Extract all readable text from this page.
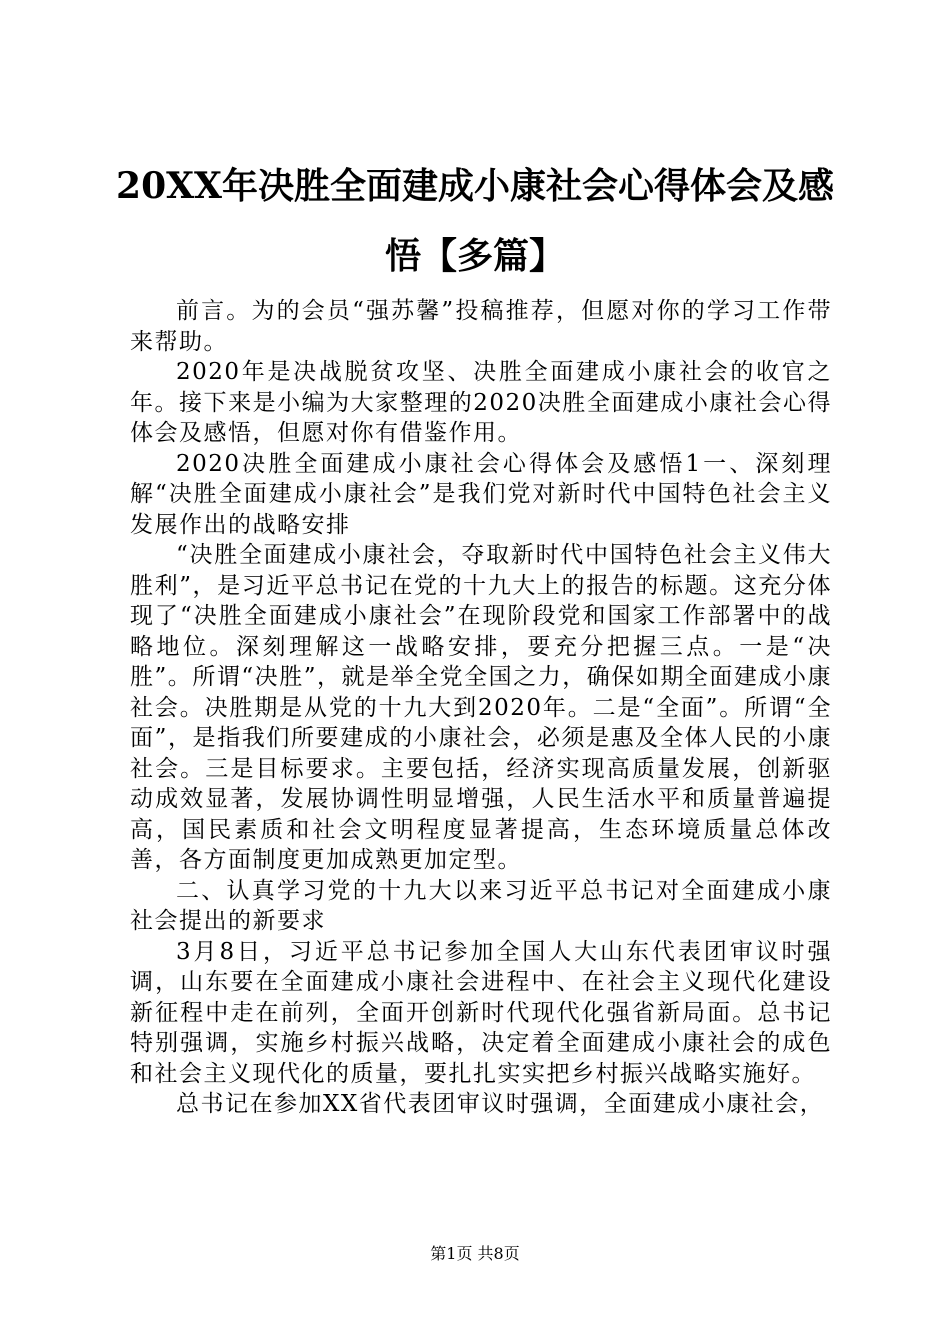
20XX年决胜全面建成小康社会心得体会及感
悟【多篇】

前言。为的会员“强苏馨”投稿推荐，但愿对你的学习工作带来帮助。

2020年是决战脱贫攻坚、决胜全面建成小康社会的收官之年。接下来是小编为大家整理的2020决胜全面建成小康社会心得体会及感悟，但愿对你有借鉴作用。

2020决胜全面建成小康社会心得体会及感悟1一、深刻理解“决胜全面建成小康社会”是我们党对新时代中国特色社会主义发展作出的战略安排

“决胜全面建成小康社会，夺取新时代中国特色社会主义伟大胜利”，是习近平总书记在党的十九大上的报告的标题。这充分体现了“决胜全面建成小康社会”在现阶段党和国家工作部署中的战略地位。深刻理解这一战略安排，要充分把握三点。一是“决胜”。所谓“决胜”，就是举全党全国之力，确保如期全面建成小康社会。决胜期是从党的十九大到2020年。二是“全面”。所谓“全面”，是指我们所要建成的小康社会，必须是惠及全体人民的小康社会。三是目标要求。主要包括，经济实现高质量发展，创新驱动成效显著，发展协调性明显增强，人民生活水平和质量普遍提高，国民素质和社会文明程度显著提高，生态环境质量总体改善，各方面制度更加成熟更加定型。

二、认真学习党的十九大以来习近平总书记对全面建成小康社会提出的新要求

3月8日，习近平总书记参加全国人大山东代表团审议时强调，山东要在全面建成小康社会进程中、在社会主义现代化建设新征程中走在前列，全面开创新时代现代化强省新局面。总书记特别强调，实施乡村振兴战略，决定着全面建成小康社会的成色和社会主义现代化的质量，要扎扎实实把乡村振兴战略实施好。

总书记在参加XX省代表团审议时强调，全面建成小康社会，

第1页 共8页
